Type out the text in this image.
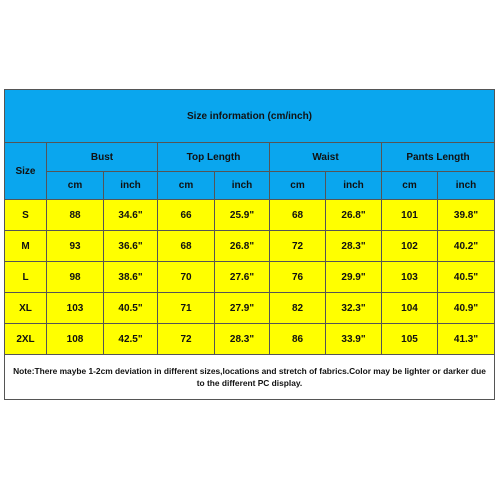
Size information (cm/inch)								
Size	Bust		Top Length		Waist		Pants Length	
	cm	inch	cm	inch	cm	inch	cm	inch
S	88	34.6"	66	25.9"	68	26.8"	101	39.8"
M	93	36.6"	68	26.8"	72	28.3"	102	40.2"
L	98	38.6"	70	27.6"	76	29.9"	103	40.5"
XL	103	40.5"	71	27.9"	82	32.3"	104	40.9"
2XL	108	42.5"	72	28.3"	86	33.9"	105	41.3"

Note:There maybe 1-2cm deviation in different sizes,locations and stretch of fabrics.Color may be lighter or darker due to the different PC display.								
